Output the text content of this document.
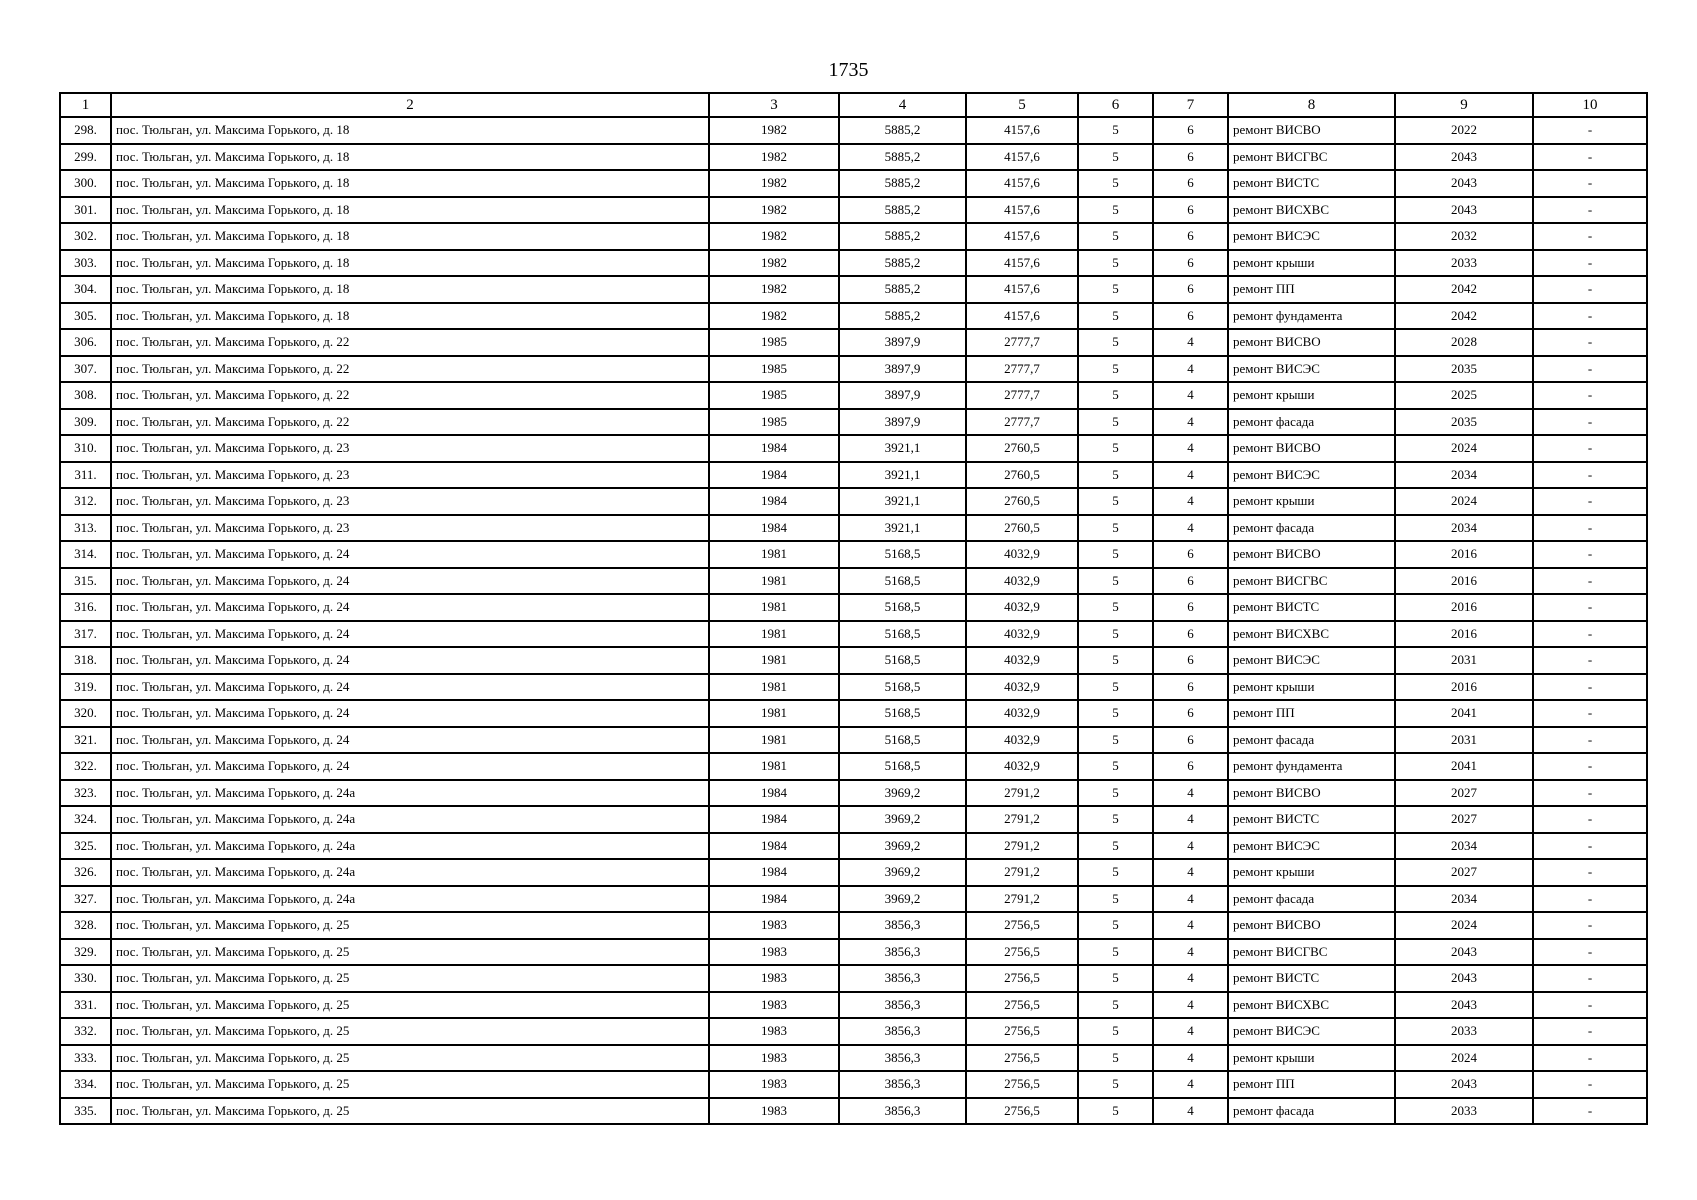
1735
1	2	3	4	5	6	7	8	9	10
298.	пос. Тюльган, ул. Максима Горького, д. 18	1982	5885,2	4157,6	5	6	ремонт ВИСВО	2022	-
299.	пос. Тюльган, ул. Максима Горького, д. 18	1982	5885,2	4157,6	5	6	ремонт ВИСГВС	2043	-
300.	пос. Тюльган, ул. Максима Горького, д. 18	1982	5885,2	4157,6	5	6	ремонт ВИСТС	2043	-
301.	пос. Тюльган, ул. Максима Горького, д. 18	1982	5885,2	4157,6	5	6	ремонт ВИСХВС	2043	-
302.	пос. Тюльган, ул. Максима Горького, д. 18	1982	5885,2	4157,6	5	6	ремонт ВИСЭС	2032	-
303.	пос. Тюльган, ул. Максима Горького, д. 18	1982	5885,2	4157,6	5	6	ремонт крыши	2033	-
304.	пос. Тюльган, ул. Максима Горького, д. 18	1982	5885,2	4157,6	5	6	ремонт ПП	2042	-
305.	пос. Тюльган, ул. Максима Горького, д. 18	1982	5885,2	4157,6	5	6	ремонт фундамента	2042	-
306.	пос. Тюльган, ул. Максима Горького, д. 22	1985	3897,9	2777,7	5	4	ремонт ВИСВО	2028	-
307.	пос. Тюльган, ул. Максима Горького, д. 22	1985	3897,9	2777,7	5	4	ремонт ВИСЭС	2035	-
308.	пос. Тюльган, ул. Максима Горького, д. 22	1985	3897,9	2777,7	5	4	ремонт крыши	2025	-
309.	пос. Тюльган, ул. Максима Горького, д. 22	1985	3897,9	2777,7	5	4	ремонт фасада	2035	-
310.	пос. Тюльган, ул. Максима Горького, д. 23	1984	3921,1	2760,5	5	4	ремонт ВИСВО	2024	-
311.	пос. Тюльган, ул. Максима Горького, д. 23	1984	3921,1	2760,5	5	4	ремонт ВИСЭС	2034	-
312.	пос. Тюльган, ул. Максима Горького, д. 23	1984	3921,1	2760,5	5	4	ремонт крыши	2024	-
313.	пос. Тюльган, ул. Максима Горького, д. 23	1984	3921,1	2760,5	5	4	ремонт фасада	2034	-
314.	пос. Тюльган, ул. Максима Горького, д. 24	1981	5168,5	4032,9	5	6	ремонт ВИСВО	2016	-
315.	пос. Тюльган, ул. Максима Горького, д. 24	1981	5168,5	4032,9	5	6	ремонт ВИСГВС	2016	-
316.	пос. Тюльган, ул. Максима Горького, д. 24	1981	5168,5	4032,9	5	6	ремонт ВИСТС	2016	-
317.	пос. Тюльган, ул. Максима Горького, д. 24	1981	5168,5	4032,9	5	6	ремонт ВИСХВС	2016	-
318.	пос. Тюльган, ул. Максима Горького, д. 24	1981	5168,5	4032,9	5	6	ремонт ВИСЭС	2031	-
319.	пос. Тюльган, ул. Максима Горького, д. 24	1981	5168,5	4032,9	5	6	ремонт крыши	2016	-
320.	пос. Тюльган, ул. Максима Горького, д. 24	1981	5168,5	4032,9	5	6	ремонт ПП	2041	-
321.	пос. Тюльган, ул. Максима Горького, д. 24	1981	5168,5	4032,9	5	6	ремонт фасада	2031	-
322.	пос. Тюльган, ул. Максима Горького, д. 24	1981	5168,5	4032,9	5	6	ремонт фундамента	2041	-
323.	пос. Тюльган, ул. Максима Горького, д. 24а	1984	3969,2	2791,2	5	4	ремонт ВИСВО	2027	-
324.	пос. Тюльган, ул. Максима Горького, д. 24а	1984	3969,2	2791,2	5	4	ремонт ВИСТС	2027	-
325.	пос. Тюльган, ул. Максима Горького, д. 24а	1984	3969,2	2791,2	5	4	ремонт ВИСЭС	2034	-
326.	пос. Тюльган, ул. Максима Горького, д. 24а	1984	3969,2	2791,2	5	4	ремонт крыши	2027	-
327.	пос. Тюльган, ул. Максима Горького, д. 24а	1984	3969,2	2791,2	5	4	ремонт фасада	2034	-
328.	пос. Тюльган, ул. Максима Горького, д. 25	1983	3856,3	2756,5	5	4	ремонт ВИСВО	2024	-
329.	пос. Тюльган, ул. Максима Горького, д. 25	1983	3856,3	2756,5	5	4	ремонт ВИСГВС	2043	-
330.	пос. Тюльган, ул. Максима Горького, д. 25	1983	3856,3	2756,5	5	4	ремонт ВИСТС	2043	-
331.	пос. Тюльган, ул. Максима Горького, д. 25	1983	3856,3	2756,5	5	4	ремонт ВИСХВС	2043	-
332.	пос. Тюльган, ул. Максима Горького, д. 25	1983	3856,3	2756,5	5	4	ремонт ВИСЭС	2033	-
333.	пос. Тюльган, ул. Максима Горького, д. 25	1983	3856,3	2756,5	5	4	ремонт крыши	2024	-
334.	пос. Тюльган, ул. Максима Горького, д. 25	1983	3856,3	2756,5	5	4	ремонт ПП	2043	-
335.	пос. Тюльган, ул. Максима Горького, д. 25	1983	3856,3	2756,5	5	4	ремонт фасада	2033	-
